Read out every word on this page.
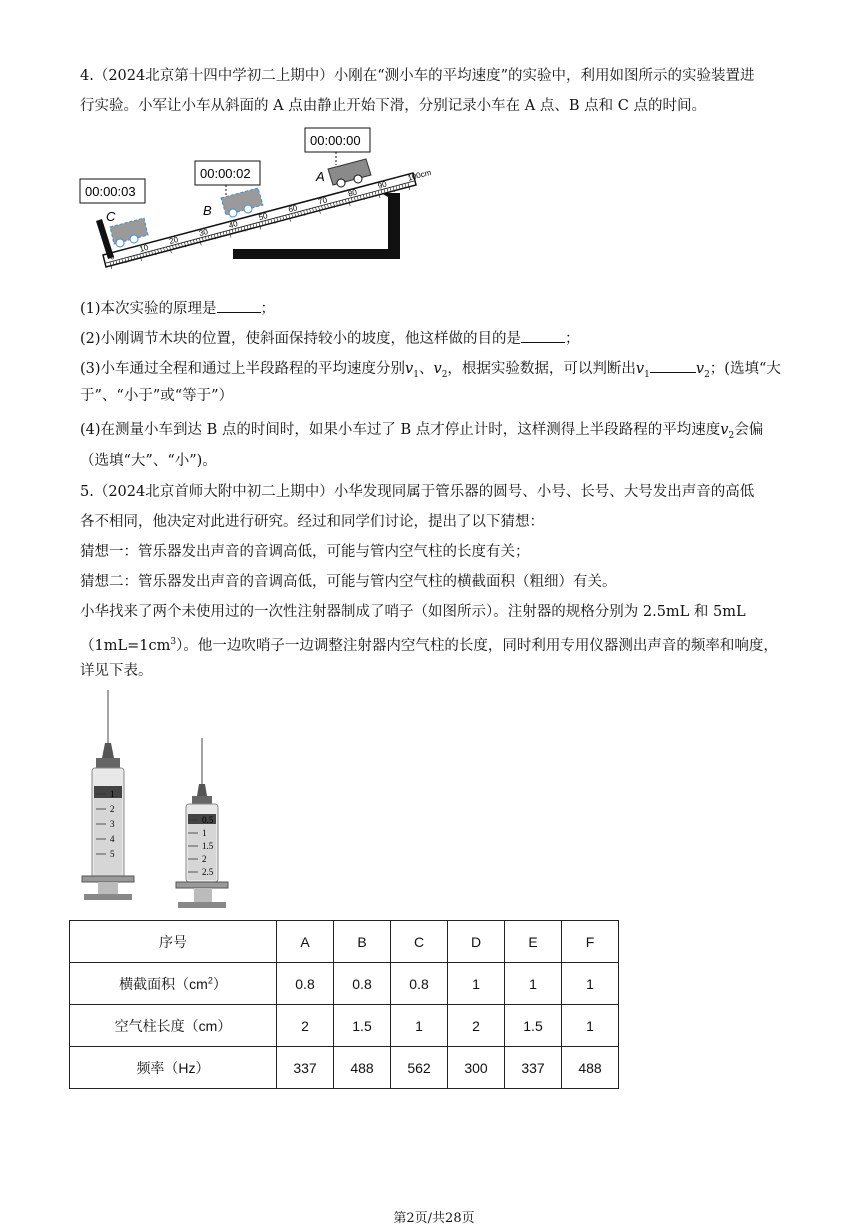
4.（2024北京第十四中学初二上期中）小刚在“测小车的平均速度”的实验中，利用如图所示的实验装置进
行实验。小军让小车从斜面的 A 点由静止开始下滑，分别记录小车在 A 点、B 点和 C 点的时间。
10
20
30
40
50
60
70
80
90
100cm
A
B
C
00:00:00
00:00:02
00:00:03
(1)本次实验的原理是	；
(2)小刚调节木块的位置，使斜面保持较小的坡度，他这样做的目的是	；
(3)小车通过全程和通过上半段路程的平均速度分别$v_1$、$v_2$，根据实验数据，可以判断出$v_1$	$v_2$；(选填“大
于”、“小于”或“等于”）
(4)在测量小车到达 B 点的时间时，如果小车过了 B 点才停止计时，这样测得上半段路程的平均速度$v_2$会偏
（选填“大”、“小”)。
5.（2024北京首师大附中初二上期中）小华发现同属于管乐器的圆号、小号、长号、大号发出声音的高低
各不相同，他决定对此进行研究。经过和同学们讨论，提出了以下猜想：
猜想一：管乐器发出声音的音调高低，可能与管内空气柱的长度有关；
猜想二：管乐器发出声音的音调高低，可能与管内空气柱的横截面积（粗细）有关。
小华找来了两个未使用过的一次性注射器制成了哨子（如图所示）。注射器的规格分别为 2.5mL 和 5mL
$(1mL=1cm^3)$。他一边吹哨子一边调整注射器内空气柱的长度，同时利用专用仪器测出声音的频率和响度，
详见下表。
1
2
3
4
5
0.5
1
1.5
2
2.5
序号	A	B	C	D	E	F
横截面积$(cm^2)$	0.8	0.8	0.8	1	1	1
空气柱长度（cm）	2	1.5	1	2	1.5	1
频率（Hz）	337	488	562	300	337	488
第2页/共28页
